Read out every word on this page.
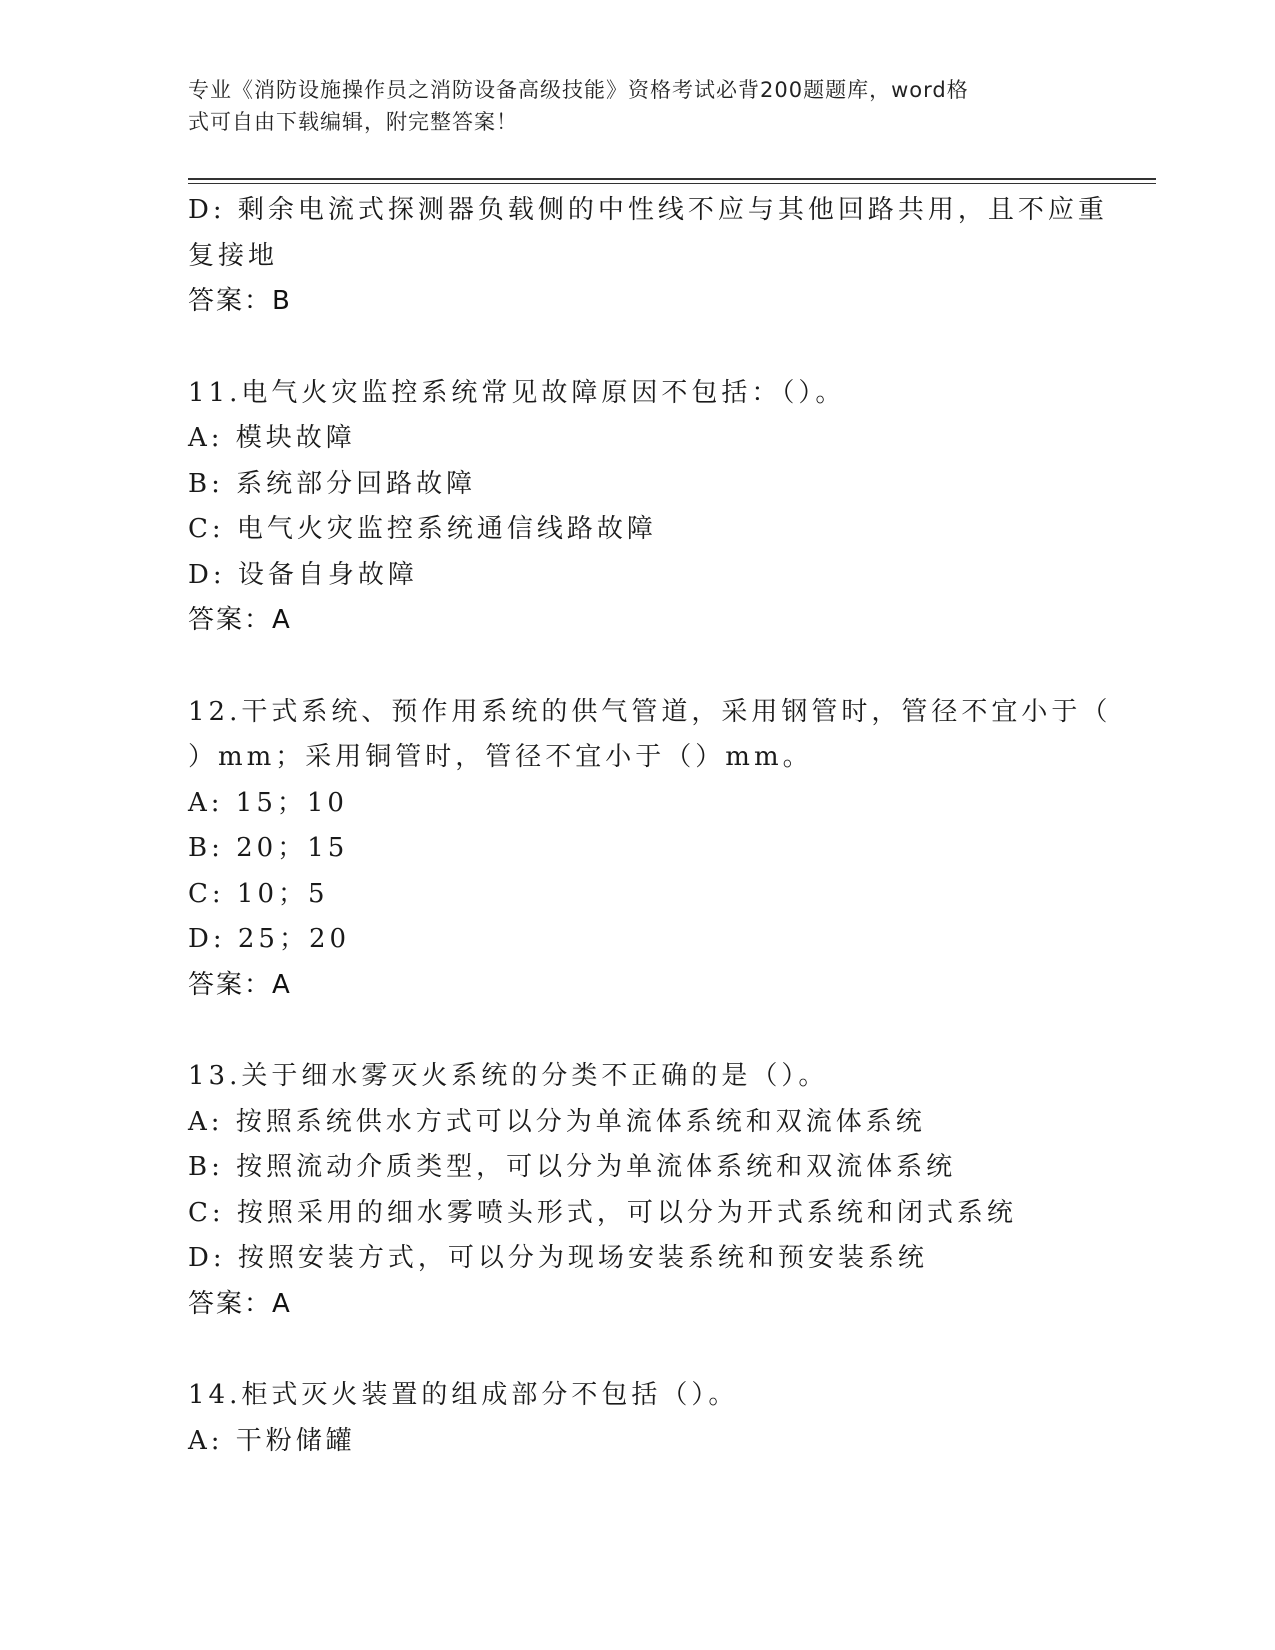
专业《消防设施操作员之消防设备高级技能》资格考试必背200题题库，word格
式可自由下载编辑，附完整答案！
D: 剩余电流式探测器负载侧的中性线不应与其他回路共用，且不应重
复接地
答案：B
11.电气火灾监控系统常见故障原因不包括：（）。
A: 模块故障
B: 系统部分回路故障
C: 电气火灾监控系统通信线路故障
D: 设备自身故障
答案：A
12.干式系统、预作用系统的供气管道，采用钢管时，管径不宜小于（
）mm；采用铜管时，管径不宜小于（）mm。
A: 15；10
B: 20；15
C: 10；5
D: 25；20
答案：A
13.关于细水雾灭火系统的分类不正确的是（）。
A: 按照系统供水方式可以分为单流体系统和双流体系统
B: 按照流动介质类型，可以分为单流体系统和双流体系统
C: 按照采用的细水雾喷头形式，可以分为开式系统和闭式系统
D: 按照安装方式，可以分为现场安装系统和预安装系统
答案：A
14.柜式灭火装置的组成部分不包括（）。
A: 干粉储罐
